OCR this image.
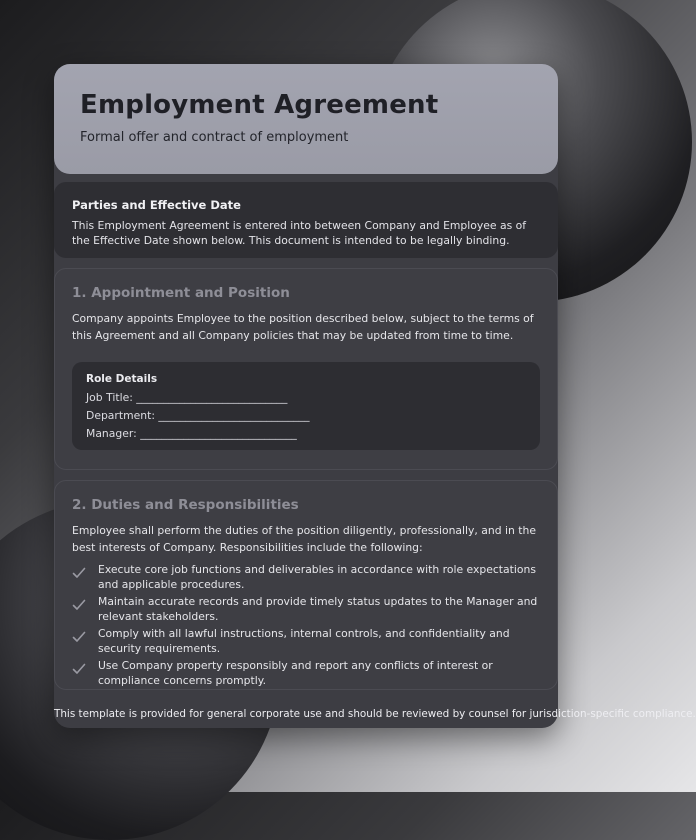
Employment Agreement
Formal offer and contract of employment
Parties and Effective Date

This Employment Agreement is entered into between Company and Employee as of the Effective Date shown below. This document is intended to be legally binding.

1. Appointment and Position

Company appoints Employee to the position described below, subject to the terms of this Agreement and all Company policies that may be updated from time to time.

Role Details
Job Title: ____________________________
Department: ____________________________
Manager: _____________________________
2. Duties and Responsibilities

Employee shall perform the duties of the position diligently, professionally, and in the best interests of Company. Responsibilities include the following:

Execute core job functions and deliverables in accordance with role expectations and applicable procedures.
Maintain accurate records and provide timely status updates to the Manager and relevant stakeholders.
Comply with all lawful instructions, internal controls, and confidentiality and security requirements.
Use Company property responsibly and report any conflicts of interest or compliance concerns promptly.
This template is provided for general corporate use and should be reviewed by counsel for jurisdiction-specific compliance.
